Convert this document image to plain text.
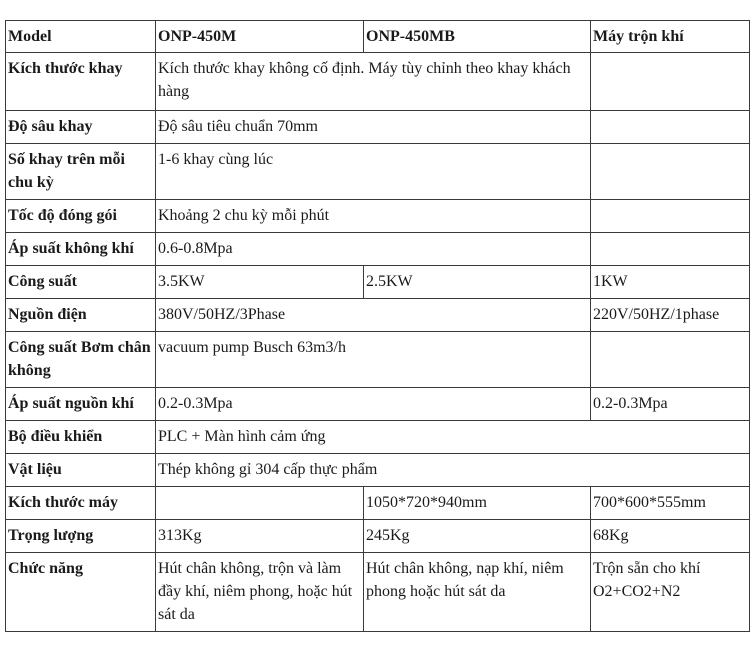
Model	ONP-450M	ONP-450MB	Máy trộn khí
Kích thước khay	Kích thước khay không cố định. Máy tùy chỉnh theo khay khách hàng		
Độ sâu khay	Độ sâu tiêu chuẩn 70mm		
Số khay trên mỗi chu kỳ	1-6 khay cùng lúc		
Tốc độ đóng gói	Khoảng 2 chu kỳ mỗi phút		
Áp suất không khí	0.6-0.8Mpa		
Công suất	3.5KW	2.5KW	1KW
Nguồn điện	380V/50HZ/3Phase		220V/50HZ/1phase
Công suất Bơm chân không	vacuum pump Busch 63m3/h		
Áp suất nguồn khí	0.2-0.3Mpa		0.2-0.3Mpa
Bộ điều khiển	PLC + Màn hình cảm ứng		
Vật liệu	Thép không gỉ 304 cấp thực phẩm		
Kích thước máy		1050*720*940mm	700*600*555mm
Trọng lượng	313Kg	245Kg	68Kg
Chức năng	Hút chân không, trộn và làm đầy khí, niêm phong, hoặc hút sát da	Hút chân không, nạp khí, niêm phong hoặc hút sát da	Trộn sẵn cho khí O2+CO2+N2
